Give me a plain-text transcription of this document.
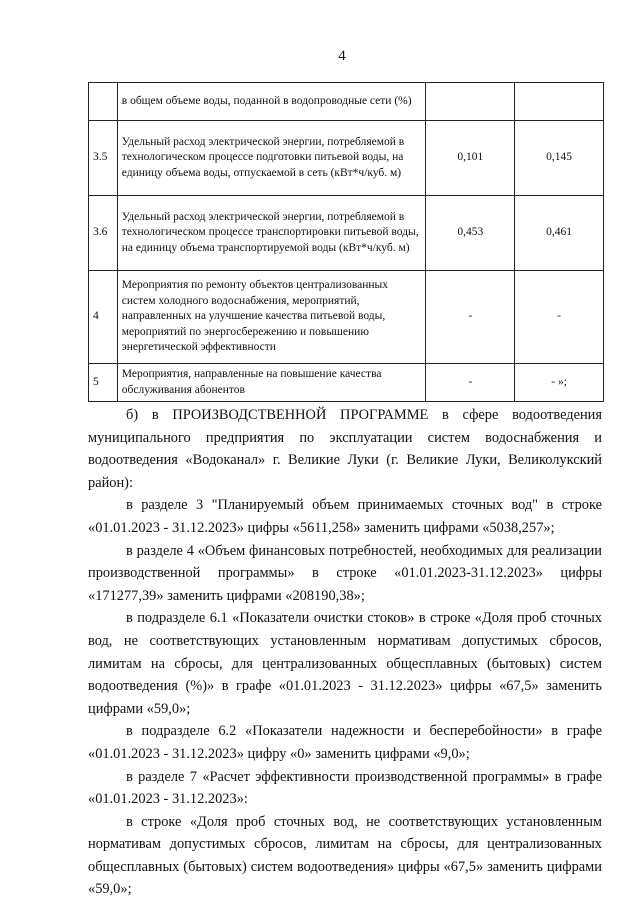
4
	в общем объеме воды, поданной в водопроводные сети (%)		
3.5	Удельный расход электрической энергии, потребляемой в технологическом процессе подготовки питьевой воды, на единицу объема воды, отпускаемой в сеть (кВт*ч/куб. м)	0,101	0,145
3.6	Удельный расход электрической энергии, потребляемой в технологическом процессе транспортировки питьевой воды, на единицу объема транспортируемой воды (кВт*ч/куб. м)	0,453	0,461
4	Мероприятия по ремонту объектов централизованных систем холодного водоснабжения, мероприятий, направленных на улучшение качества питьевой воды, мероприятий по энергосбережению и повышению энергетической эффективности	-	-
5	Мероприятия, направленные на повышение качества обслуживания абонентов	-	- »;

б) в ПРОИЗВОДСТВЕННОЙ ПРОГРАММЕ в сфере водоотведения муниципального предприятия по эксплуатации систем водоснабжения и водоотведения «Водоканал» г. Великие Луки (г. Великие Луки, Великолукский район):

в разделе 3 "Планируемый объем принимаемых сточных вод" в строке «01.01.2023 - 31.12.2023» цифры «5611,258» заменить цифрами «5038,257»;

в разделе 4 «Объем финансовых потребностей, необходимых для реализации производственной программы» в строке «01.01.2023-31.12.2023» цифры «171277,39» заменить цифрами «208190,38»;

в подразделе 6.1 «Показатели очистки стоков» в строке «Доля проб сточных вод, не соответствующих установленным нормативам допустимых сбросов, лимитам на сбросы, для централизованных общесплавных (бытовых) систем водоотведения (%)» в графе «01.01.2023 - 31.12.2023» цифры «67,5» заменить цифрами «59,0»;

в подразделе 6.2 «Показатели надежности и бесперебойности» в графе «01.01.2023 - 31.12.2023» цифру «0» заменить цифрами «9,0»;

в разделе 7 «Расчет эффективности производственной программы» в графе «01.01.2023 - 31.12.2023»:

в строке «Доля проб сточных вод, не соответствующих установленным нормативам допустимых сбросов, лимитам на сбросы, для централизованных общесплавных (бытовых) систем водоотведения» цифры «67,5» заменить цифрами «59,0»;
